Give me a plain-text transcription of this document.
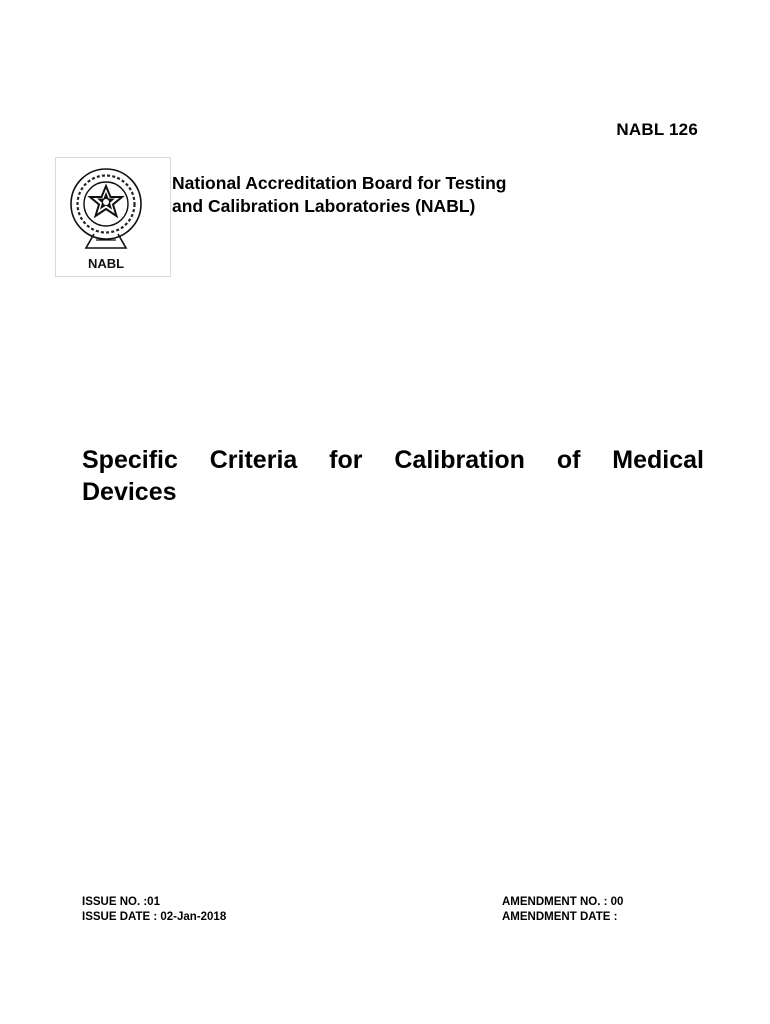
NABL 126
NABL
National Accreditation Board for Testing
and Calibration Laboratories (NABL)
Specific Criteria for Calibration of Medical
Devices
ISSUE NO. :01
ISSUE DATE : 02-Jan-2018
AMENDMENT NO. : 00
AMENDMENT DATE :
